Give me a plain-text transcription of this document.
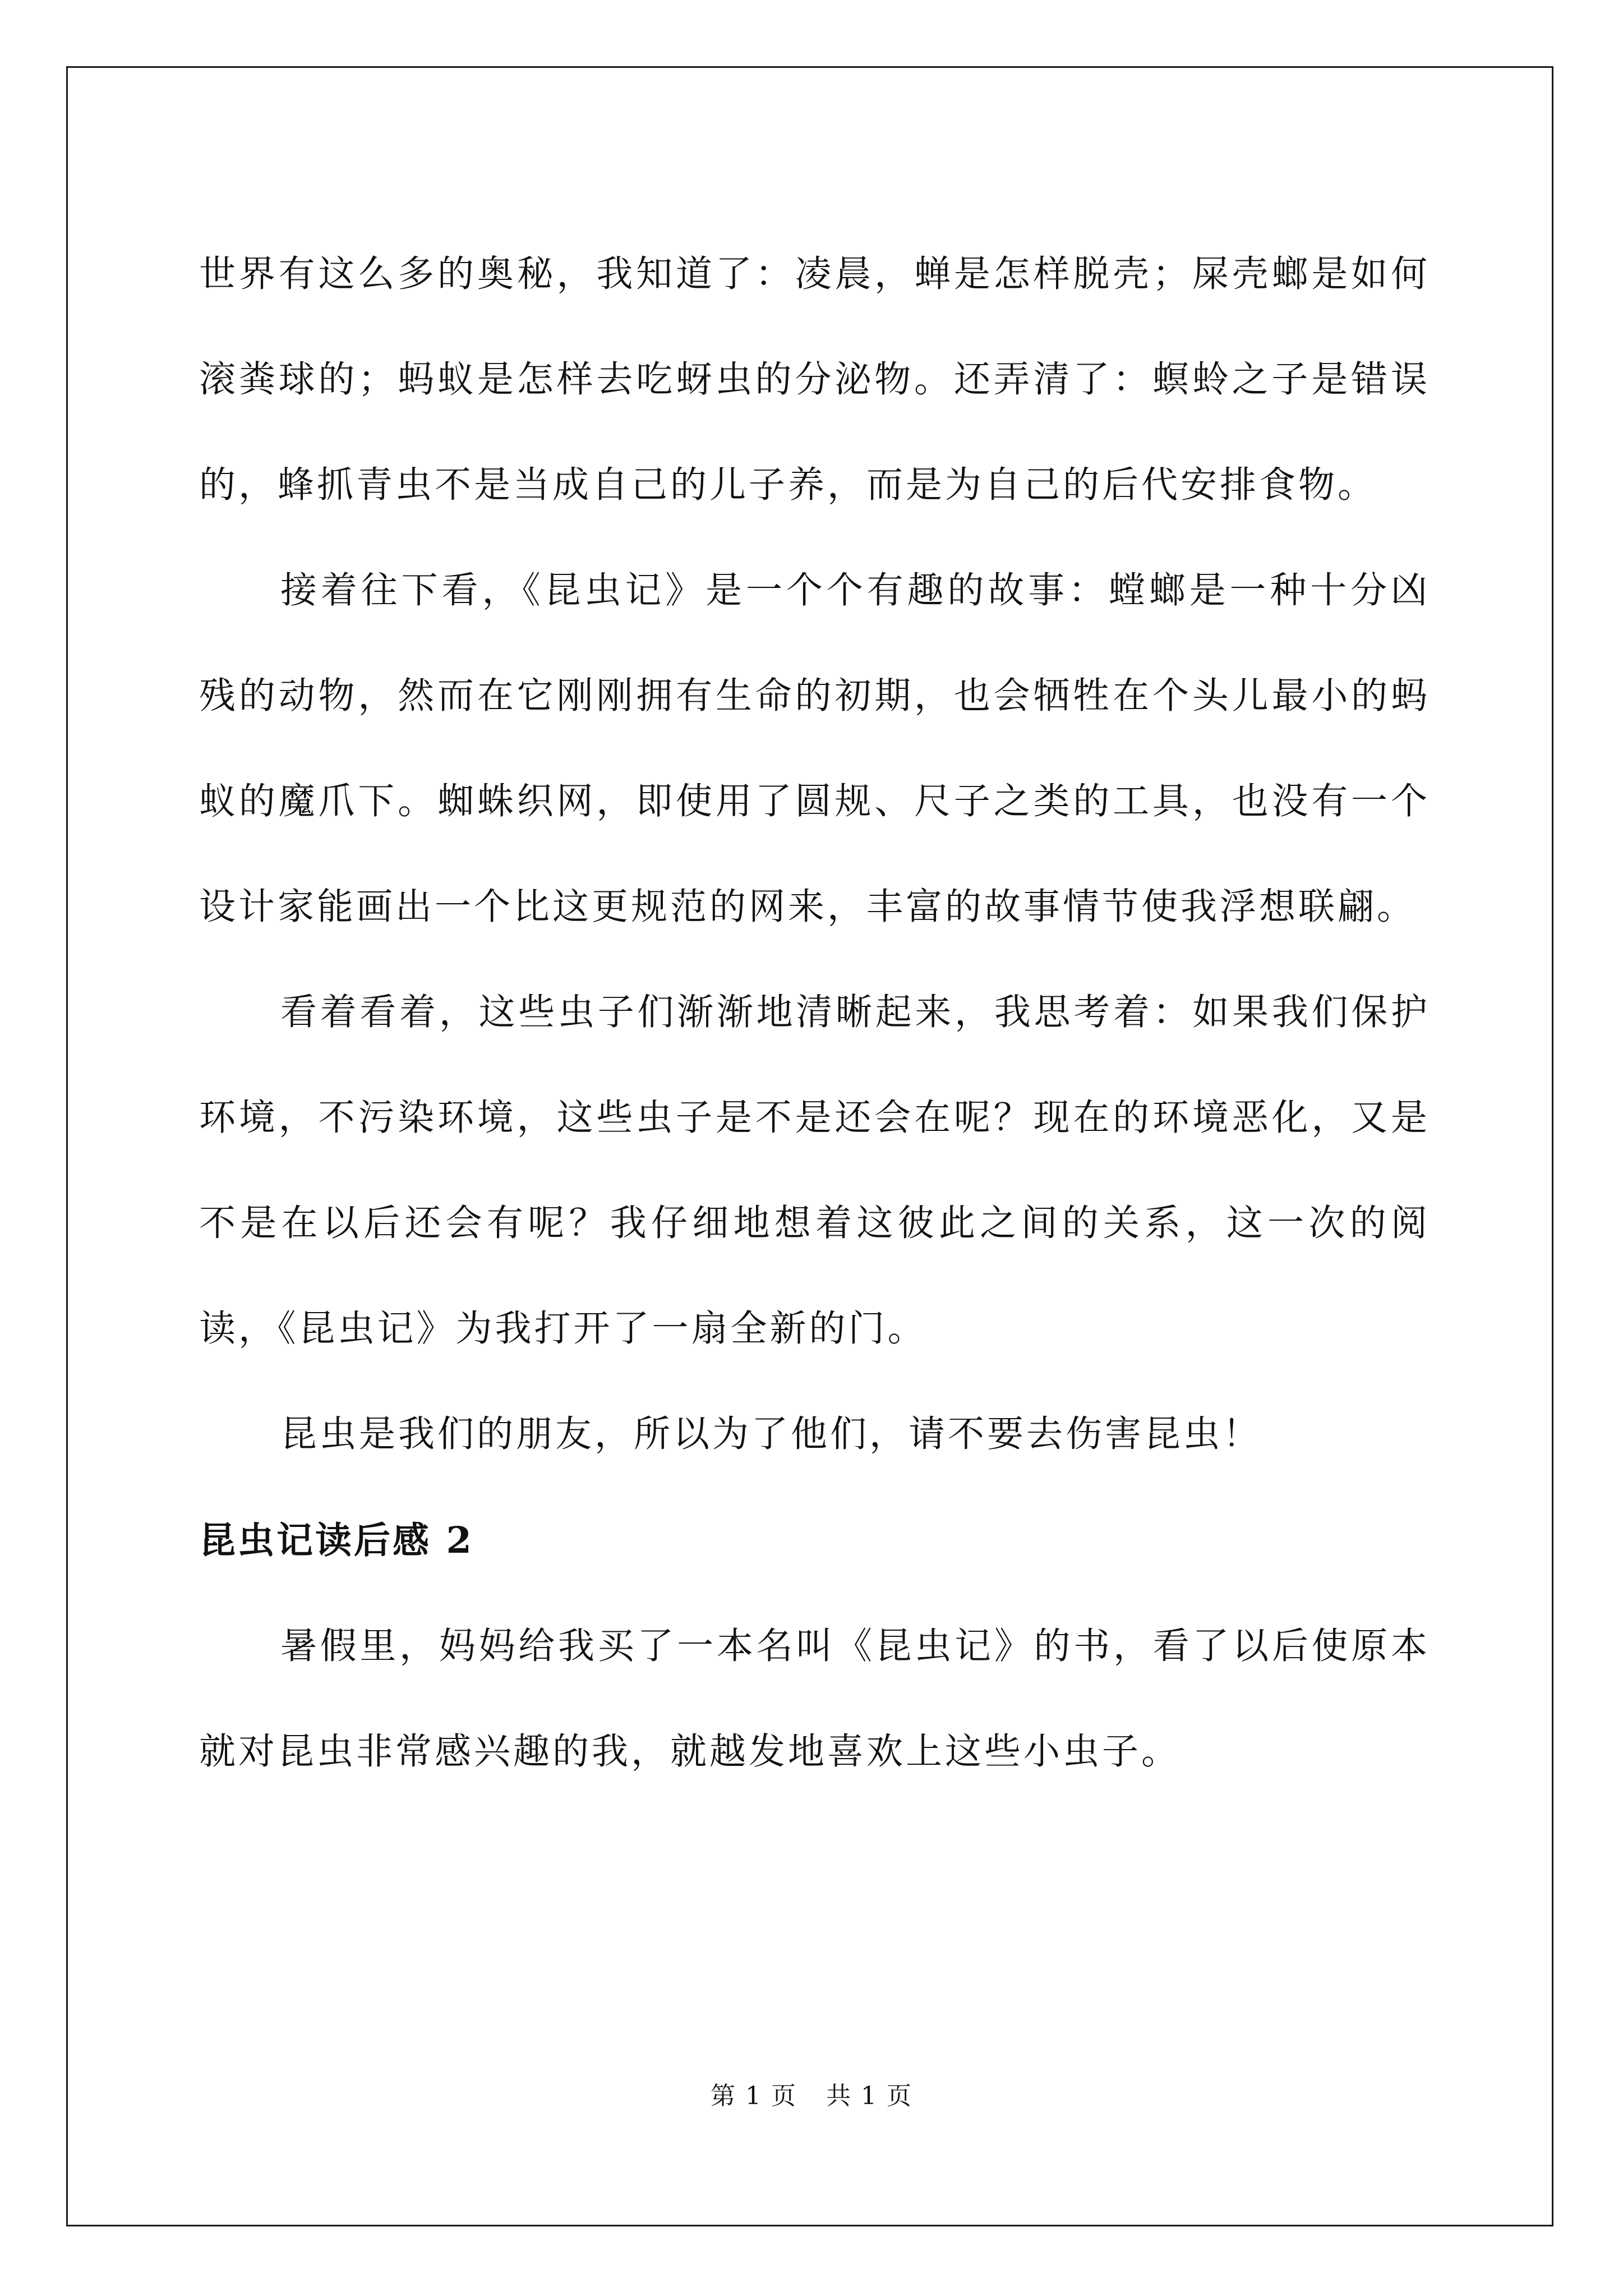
世界有这么多的奥秘，我知道了：凌晨，蝉是怎样脱壳；屎壳螂是如何滚粪球的；蚂蚁是怎样去吃蚜虫的分泌物。还弄清了：螟蛉之子是错误的，蜂抓青虫不是当成自己的儿子养，而是为自己的后代安排食物。

接着往下看，《昆虫记》是一个个有趣的故事：螳螂是一种十分凶残的动物，然而在它刚刚拥有生命的初期，也会牺牲在个头儿最小的蚂蚁的魔爪下。蜘蛛织网，即使用了圆规、尺子之类的工具，也没有一个设计家能画出一个比这更规范的网来，丰富的故事情节使我浮想联翩。

看着看着，这些虫子们渐渐地清晰起来，我思考着：如果我们保护环境，不污染环境，这些虫子是不是还会在呢？现在的环境恶化，又是不是在以后还会有呢？我仔细地想着这彼此之间的关系，这一次的阅读，《昆虫记》为我打开了一扇全新的门。

昆虫是我们的朋友，所以为了他们，请不要去伤害昆虫！

昆虫记读后感 2

暑假里，妈妈给我买了一本名叫《昆虫记》的书，看了以后使原本就对昆虫非常感兴趣的我，就越发地喜欢上这些小虫子。

第 1 页 共 1 页
